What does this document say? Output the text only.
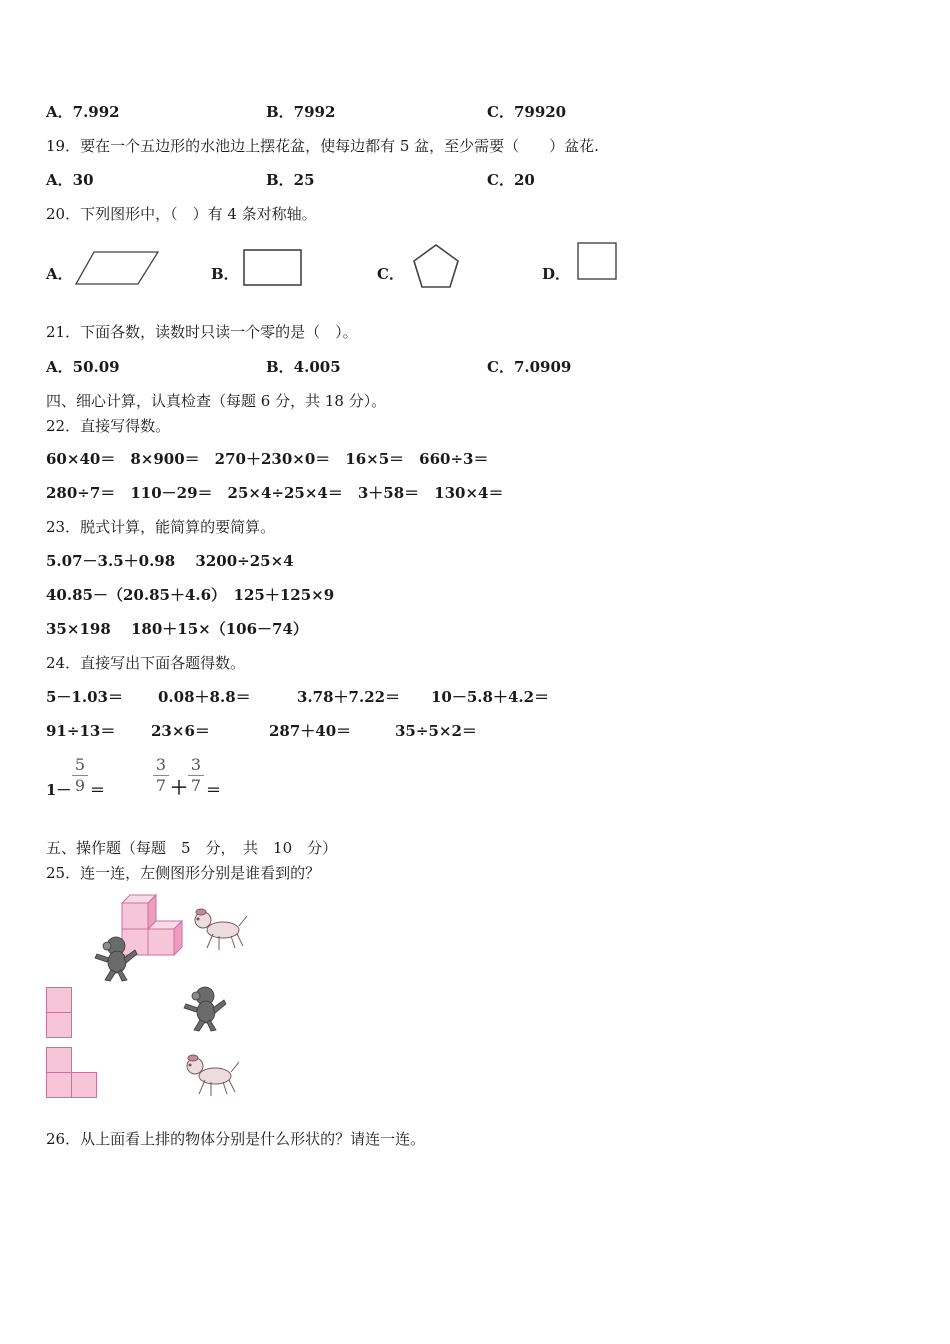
A．7.992	B．7992	C．79920
19．要在一个五边形的水池边上摆花盆，使每边都有 5 盆，至少需要（　　）盆花.
A．30	B．25	C．20
20．下列图形中，（　）有 4 条对称轴。
A．	B．	C．	D．
21．下面各数，读数时只读一个零的是（　）。
A．50.09	B．4.005	C．7.0909
四、细心计算，认真检查（每题 6 分，共 18 分）。
22．直接写得数。
60×40＝　8×900＝　270＋230×0＝　16×5＝　660÷3＝
280÷7＝　110－29＝　25×4÷25×4＝　3＋58＝　130×4＝
23．脱式计算，能简算的要简算。
5.07－3.5＋0.98　 3200÷25×4
40.85－（20.85＋4.6）　125＋125×9
35×198　 180＋15×（106－74）
24．直接写出下面各题得数。
5－1.03＝ 0.08＋8.8＝	3.78＋7.22＝ 10－5.8＋4.2＝
91÷13＝ 23×6＝	287＋40＝	35÷5×2＝
1－
5
9 ＝
3
7 ＋
3
7 ＝
五、操作题（每题　5　分，　共　10　分）
25．连一连，左侧图形分别是谁看到的？
26．从上面看上排的物体分别是什么形状的？请连一连。
